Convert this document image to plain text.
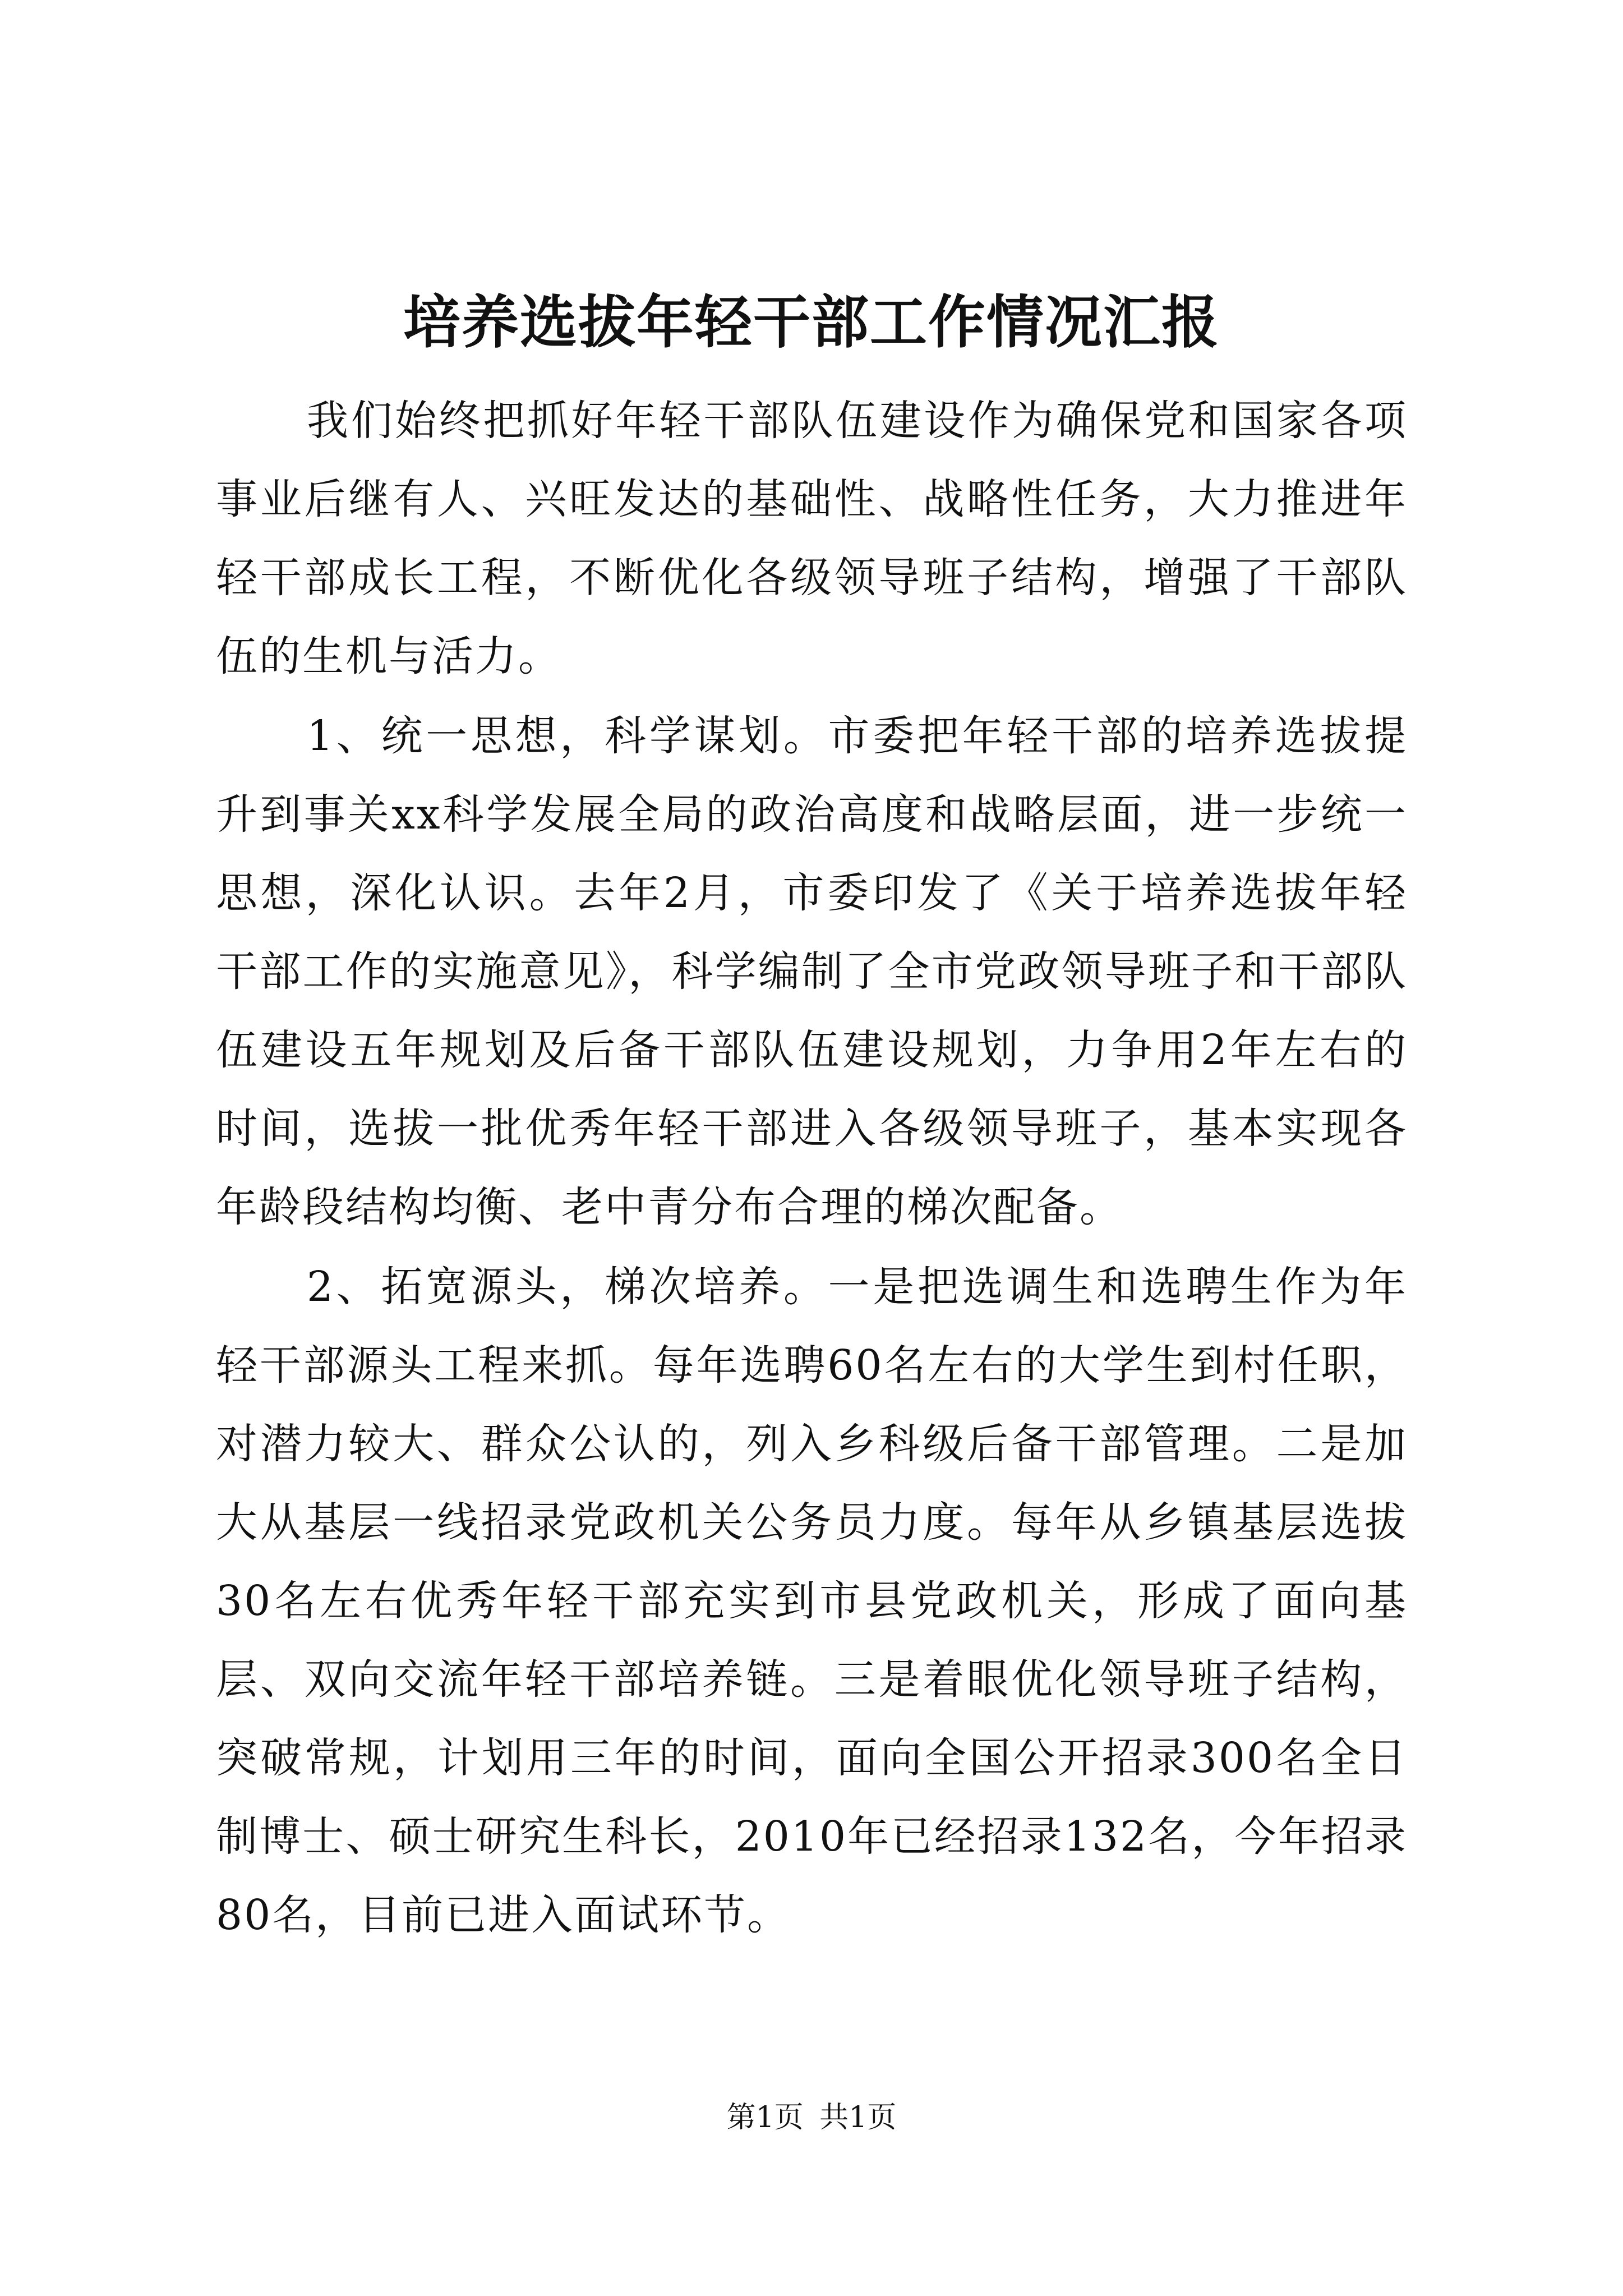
培养选拔年轻干部工作情况汇报

我们始终把抓好年轻干部队伍建设作为确保党和国家各项事业后继有人、兴旺发达的基础性、战略性任务，大力推进年轻干部成长工程，不断优化各级领导班子结构，增强了干部队伍的生机与活力。

1、统一思想，科学谋划。市委把年轻干部的培养选拔提升到事关xx科学发展全局的政治高度和战略层面，进一步统一思想，深化认识。去年2月，市委印发了《关于培养选拔年轻干部工作的实施意见》，科学编制了全市党政领导班子和干部队伍建设五年规划及后备干部队伍建设规划，力争用2年左右的时间，选拔一批优秀年轻干部进入各级领导班子，基本实现各年龄段结构均衡、老中青分布合理的梯次配备。

2、拓宽源头，梯次培养。一是把选调生和选聘生作为年轻干部源头工程来抓。每年选聘60名左右的大学生到村任职，对潜力较大、群众公认的，列入乡科级后备干部管理。二是加大从基层一线招录党政机关公务员力度。每年从乡镇基层选拔30名左右优秀年轻干部充实到市县党政机关，形成了面向基层、双向交流年轻干部培养链。三是着眼优化领导班子结构，突破常规，计划用三年的时间，面向全国公开招录300名全日制博士、硕士研究生科长，2010年已经招录132名，今年招录80名，目前已进入面试环节。

第1页 共1页
